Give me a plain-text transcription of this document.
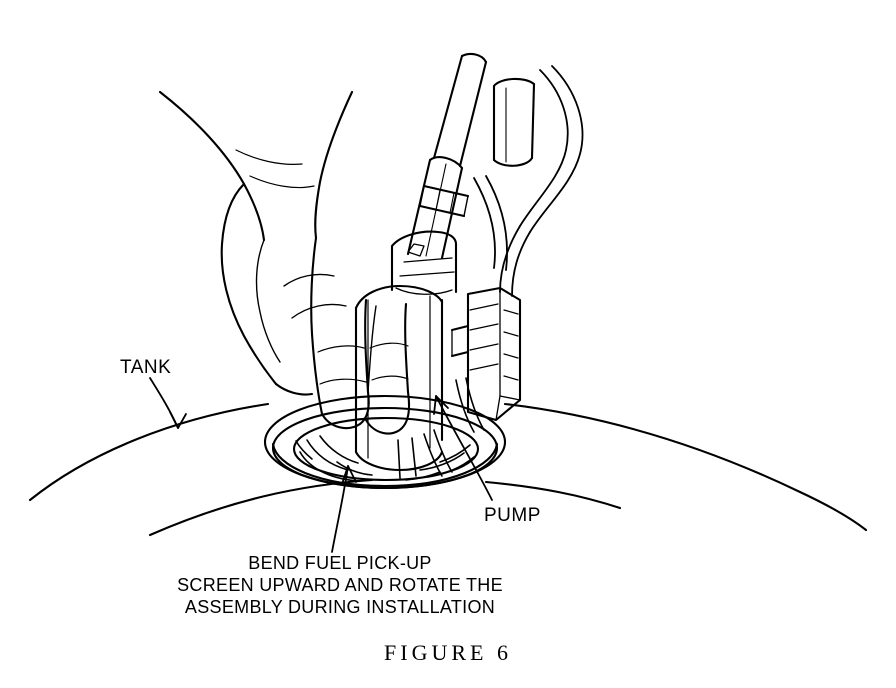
TANK
PUMP
BEND FUEL PICK-UP
SCREEN UPWARD AND ROTATE THE
ASSEMBLY DURING INSTALLATION
FIGURE 6
